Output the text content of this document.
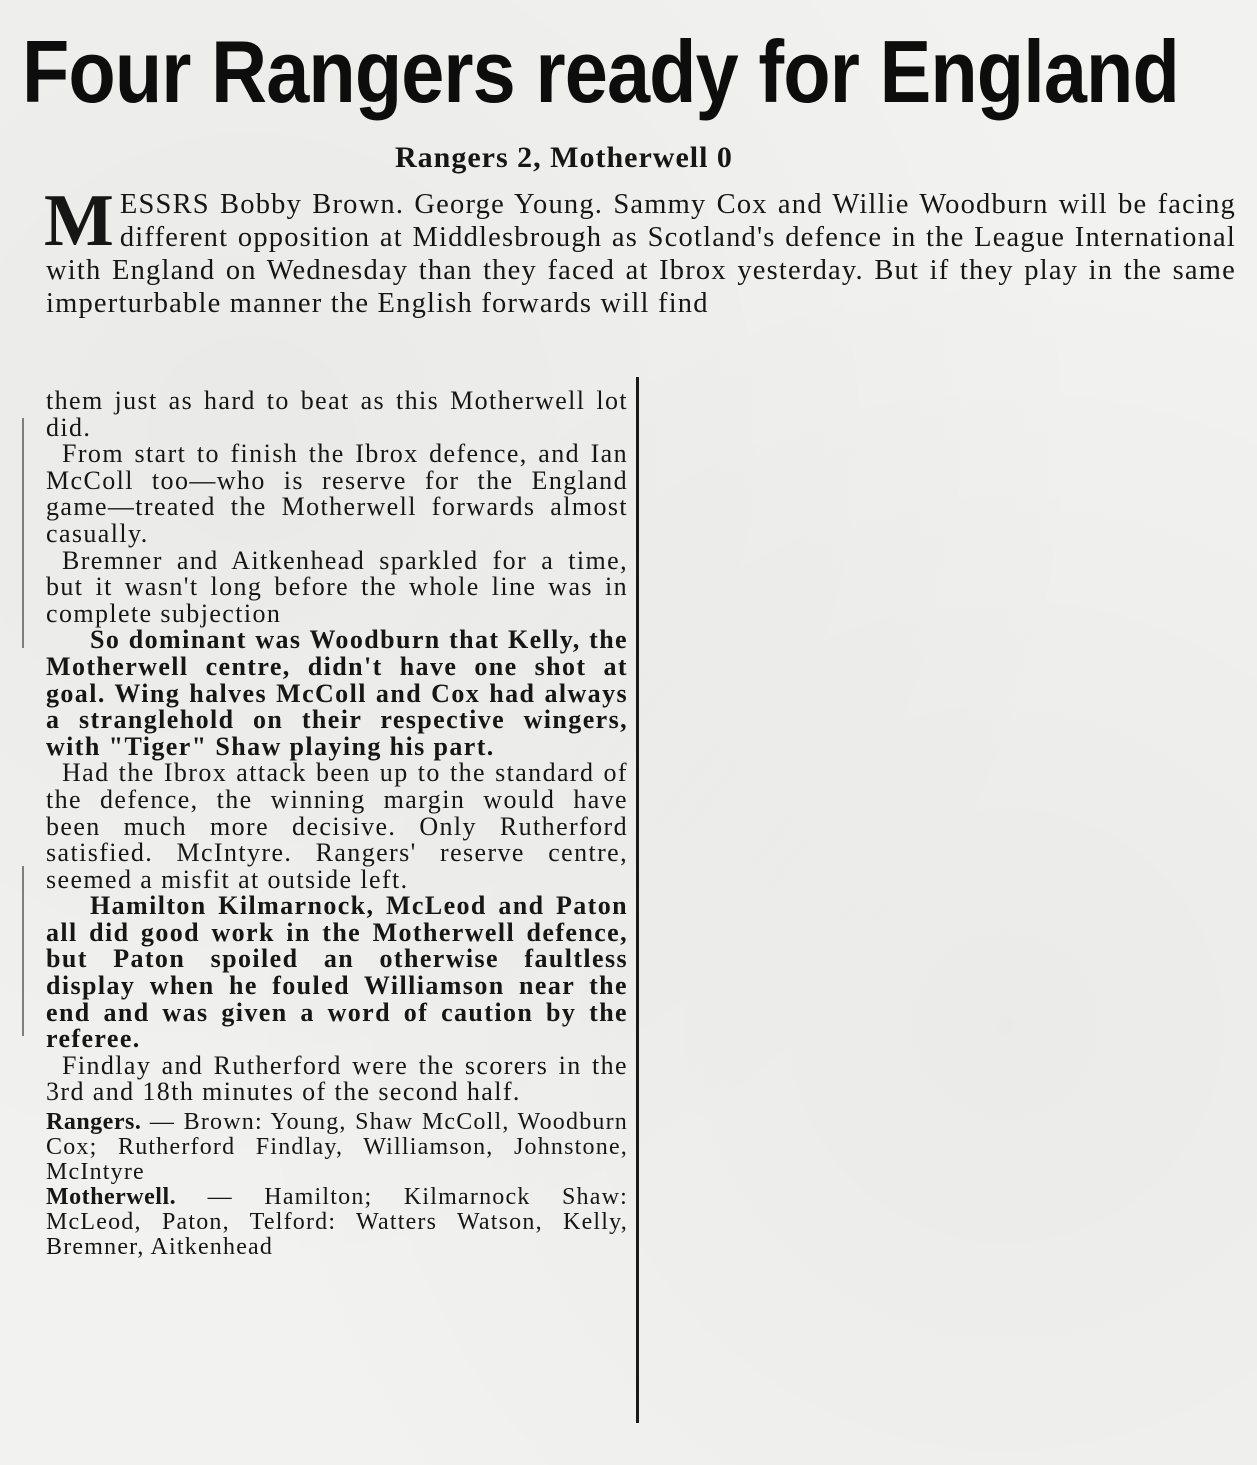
Four Rangers ready for England
Rangers 2, Motherwell 0
M ESSRS Bobby Brown. George Young. Sammy Cox and Willie Woodburn will be facing different opposition at Middlesbrough as Scotland's defence in the League International with England on Wednesday than they faced at Ibrox yesterday. But if they play in the same imperturbable manner the English forwards will find

them just as hard to beat as this Motherwell lot did.

From start to finish the Ibrox defence, and Ian McColl too—who is reserve for the England game—treated the Motherwell forwards almost casually.

Bremner and Aitkenhead sparkled for a time, but it wasn't long before the whole line was in complete subjection

So dominant was Woodburn that Kelly, the Motherwell centre, didn't have one shot at goal. Wing halves McColl and Cox had always a stranglehold on their respective wingers, with "Tiger" Shaw playing his part.

Had the Ibrox attack been up to the standard of the defence, the winning margin would have been much more decisive. Only Rutherford satisfied. McIntyre. Rangers' reserve centre, seemed a misfit at outside left.

Hamilton Kilmarnock, McLeod and Paton all did good work in the Motherwell defence, but Paton spoiled an otherwise faultless display when he fouled Williamson near the end and was given a word of caution by the referee.

Findlay and Rutherford were the scorers in the 3rd and 18th minutes of the second half.

Rangers. — Brown: Young, Shaw McColl, Woodburn Cox; Rutherford Findlay, Williamson, Johnstone, McIntyre

Motherwell. — Hamilton; Kilmarnock Shaw: McLeod, Paton, Telford: Watters Watson, Kelly, Bremner, Aitkenhead
